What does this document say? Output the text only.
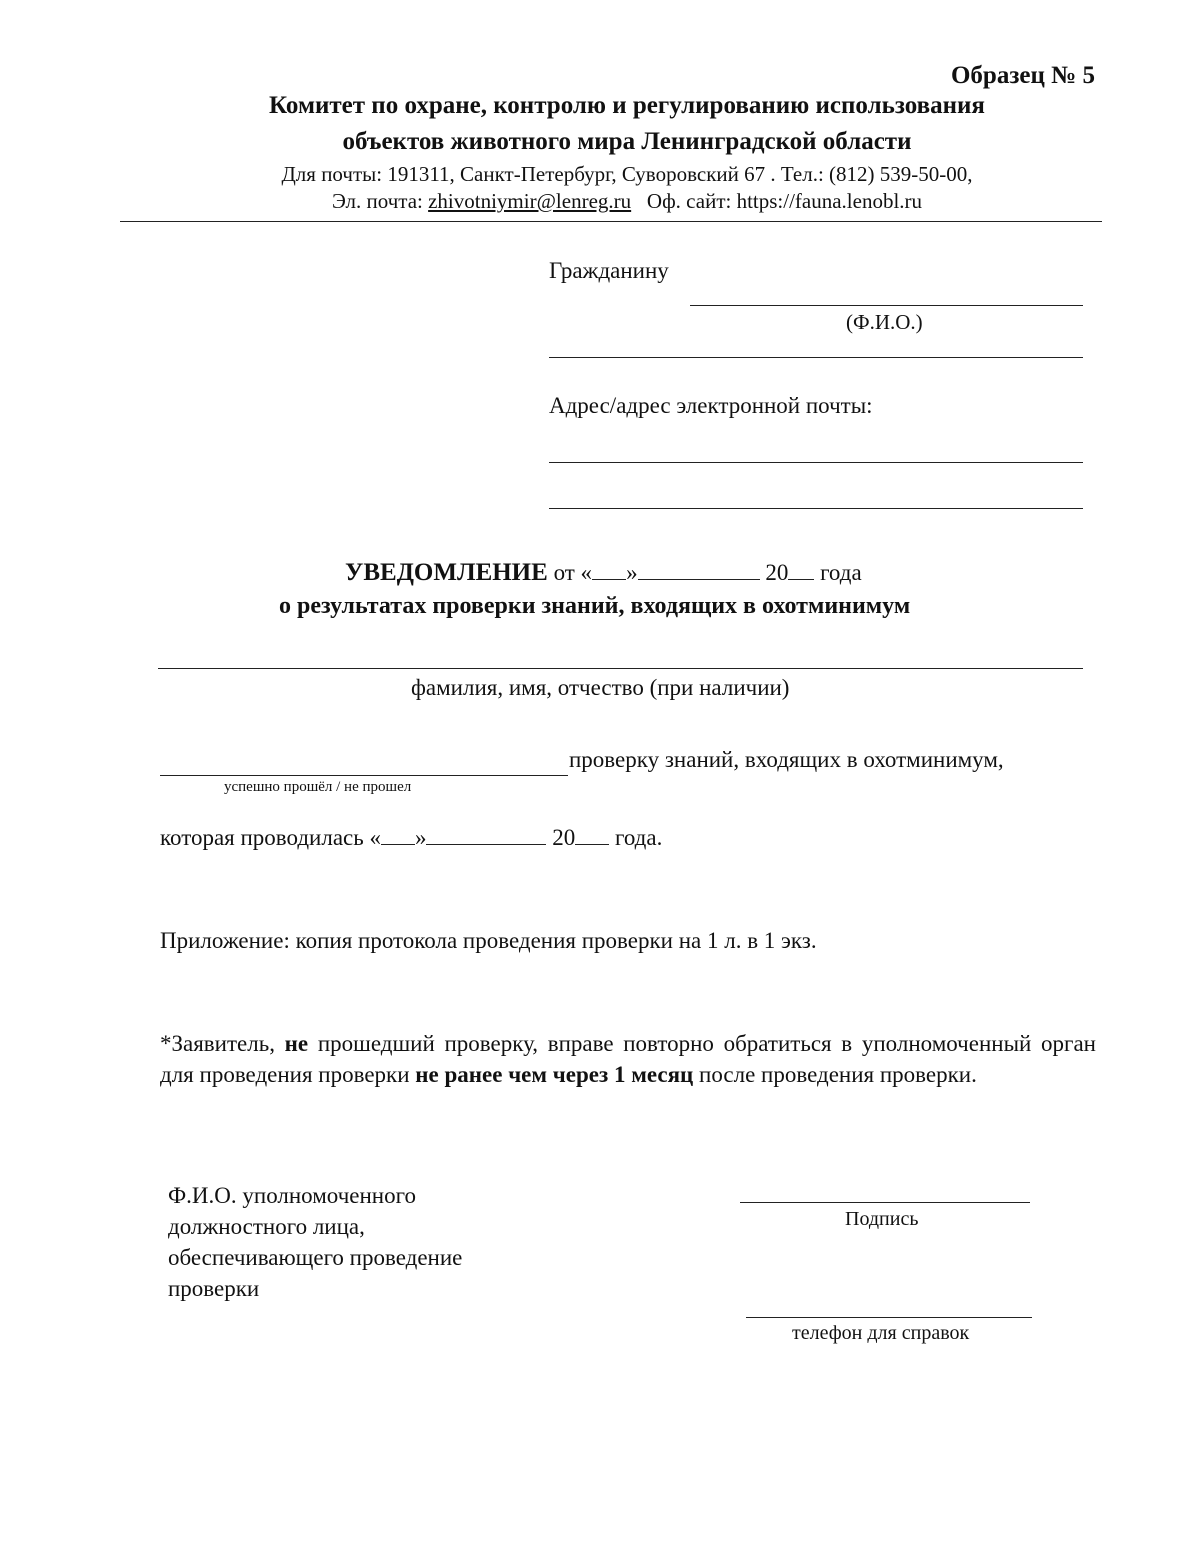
Образец № 5
Комитет по охране, контролю и регулированию использования
объектов животного мира Ленинградской области
Для почты: 191311, Санкт-Петербург, Суворовский 67 . Тел.: (812) 539-50-00,
Эл. почта: zhivotniymir@lenreg.ru Оф. сайт: https://fauna.lenobl.ru
Гражданину
(Ф.И.О.)
Адрес/адрес электронной почты:
УВЕДОМЛЕНИЕ от « »	20 года
о результатах проверки знаний, входящих в охотминимум
фамилия, имя, отчество (при наличии)
проверку знаний, входящих в охотминимум,
успешно прошёл / не прошел
которая проводилась « »	20 года.
Приложение: копия протокола проведения проверки на 1 л. в 1 экз.
*Заявитель, не прошедший проверку, вправе повторно обратиться в уполномоченный орган для проведения проверки не ранее чем через 1 месяц после проведения проверки.
Ф.И.О. уполномоченного
должностного лица,
обеспечивающего проведение
проверки
Подпись
телефон для справок
